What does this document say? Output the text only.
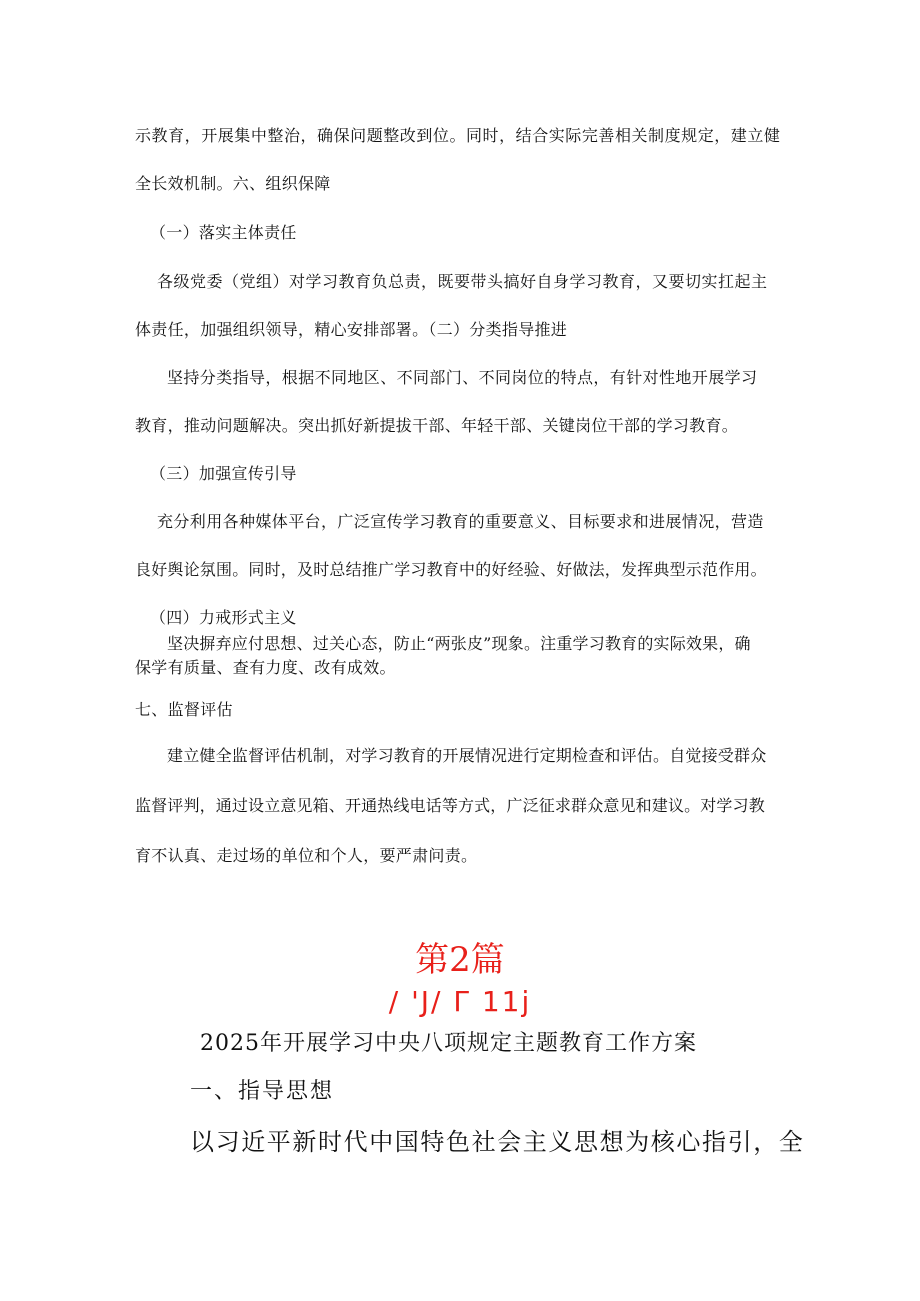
示教育，开展集中整治，确保问题整改到位。同时，结合实际完善相关制度规定，建立健
全长效机制。六、组织保障
（一）落实主体责任
各级党委（党组）对学习教育负总责，既要带头搞好自身学习教育，又要切实扛起主
体责任，加强组织领导，精心安排部署。（二）分类指导推进
坚持分类指导，根据不同地区、不同部门、不同岗位的特点，有针对性地开展学习
教育，推动问题解决。突出抓好新提拔干部、年轻干部、关键岗位干部的学习教育。
（三）加强宣传引导
充分利用各种媒体平台，广泛宣传学习教育的重要意义、目标要求和进展情况，营造
良好舆论氛围。同时，及时总结推广学习教育中的好经验、好做法，发挥典型示范作用。
（四）力戒形式主义
坚决摒弃应付思想、过关心态，防止“两张皮”现象。注重学习教育的实际效果，确
保学有质量、查有力度、改有成效。
七、监督评估
建立健全监督评估机制，对学习教育的开展情况进行定期检查和评估。自觉接受群众
监督评判，通过设立意见箱、开通热线电话等方式，广泛征求群众意见和建议。对学习教
育不认真、走过场的单位和个人，要严肃问责。
第2篇
/ 'J/ Γ 11j
2025年开展学习中央八项规定主题教育工作方案
一、指导思想
以习近平新时代中国特色社会主义思想为核心指引，全
